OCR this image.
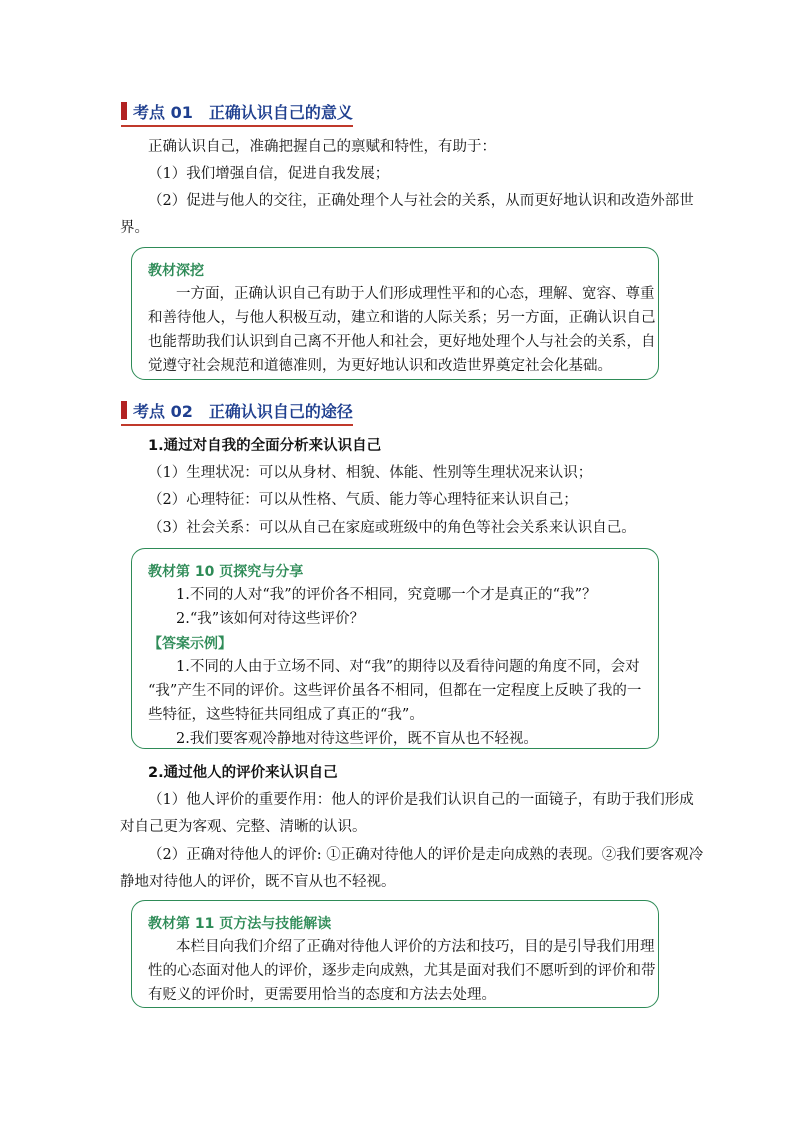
考点 01 正确认识自己的意义
正确认识自己，准确把握自己的禀赋和特性，有助于：
（1）我们增强自信，促进自我发展；
（2）促进与他人的交往，正确处理个人与社会的关系，从而更好地认识和改造外部世
界。
教材深挖
一方面，正确认识自己有助于人们形成理性平和的心态，理解、宽容、尊重
和善待他人，与他人积极互动，建立和谐的人际关系；另一方面，正确认识自己
也能帮助我们认识到自己离不开他人和社会，更好地处理个人与社会的关系，自
觉遵守社会规范和道德准则，为更好地认识和改造世界奠定社会化基础。
考点 02 正确认识自己的途径
1.通过对自我的全面分析来认识自己
（1）生理状况：可以从身材、相貌、体能、性别等生理状况来认识；
（2）心理特征：可以从性格、气质、能力等心理特征来认识自己；
（3）社会关系：可以从自己在家庭或班级中的角色等社会关系来认识自己。
教材第 10 页探究与分享
1.不同的人对“我”的评价各不相同，究竟哪一个才是真正的“我”？
2.“我”该如何对待这些评价？
【答案示例】
1.不同的人由于立场不同、对“我”的期待以及看待问题的角度不同，会对
“我”产生不同的评价。这些评价虽各不相同，但都在一定程度上反映了我的一
些特征，这些特征共同组成了真正的“我”。
2.我们要客观冷静地对待这些评价，既不盲从也不轻视。
2.通过他人的评价来认识自己
（1）他人评价的重要作用：他人的评价是我们认识自己的一面镜子，有助于我们形成
对自己更为客观、完整、清晰的认识。
（2）正确对待他人的评价: ①正确对待他人的评价是走向成熟的表现。②我们要客观冷
静地对待他人的评价，既不盲从也不轻视。
教材第 11 页方法与技能解读
本栏目向我们介绍了正确对待他人评价的方法和技巧，目的是引导我们用理
性的心态面对他人的评价，逐步走向成熟，尤其是面对我们不愿听到的评价和带
有贬义的评价时，更需要用恰当的态度和方法去处理。
